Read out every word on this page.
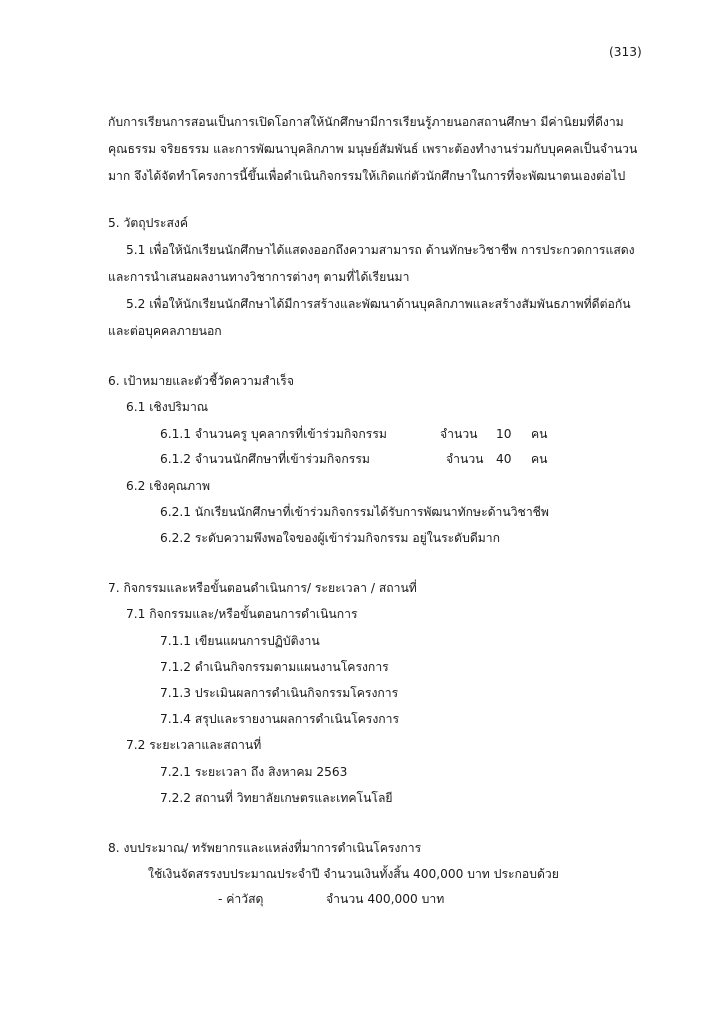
(313)
กับการเรียนการสอนเป็นการเปิดโอกาสให้นักศึกษามีการเรียนรู้ภายนอกสถานศึกษา มีค่านิยมที่ดีงาม
คุณธรรม จริยธรรม และการพัฒนาบุคลิกภาพ มนุษย์สัมพันธ์ เพราะต้องทำงานร่วมกับบุคคลเป็นจำนวน
มาก จึงได้จัดทำโครงการนี้ขึ้นเพื่อดำเนินกิจกรรมให้เกิดแก่ตัวนักศึกษาในการที่จะพัฒนาตนเองต่อไป
5. วัตถุประสงค์
5.1 เพื่อให้นักเรียนนักศึกษาได้แสดงออกถึงความสามารถ ด้านทักษะวิชาชีพ การประกวดการแสดง
และการนำเสนอผลงานทางวิชาการต่างๆ ตามที่ได้เรียนมา
5.2 เพื่อให้นักเรียนนักศึกษาได้มีการสร้างและพัฒนาด้านบุคลิกภาพและสร้างสัมพันธภาพที่ดีต่อกัน
และต่อบุคคลภายนอก
6. เป้าหมายและตัวชี้วัดความสำเร็จ
6.1 เชิงปริมาณ
6.1.1 จำนวนครู บุคลากรที่เข้าร่วมกิจกรรม	จำนวน 10 คน
6.1.2 จำนวนนักศึกษาที่เข้าร่วมกิจกรรม	จำนวน 40 คน
6.2 เชิงคุณภาพ
6.2.1 นักเรียนนักศึกษาที่เข้าร่วมกิจกรรมได้รับการพัฒนาทักษะด้านวิชาชีพ
6.2.2 ระดับความพึงพอใจของผู้เข้าร่วมกิจกรรม อยู่ในระดับดีมาก
7. กิจกรรมและหรือขั้นตอนดำเนินการ/ ระยะเวลา / สถานที่
7.1 กิจกรรมและ/หรือขั้นตอนการดำเนินการ
7.1.1 เขียนแผนการปฏิบัติงาน
7.1.2 ดำเนินกิจกรรมตามแผนงานโครงการ
7.1.3 ประเมินผลการดำเนินกิจกรรมโครงการ
7.1.4 สรุปและรายงานผลการดำเนินโครงการ
7.2 ระยะเวลาและสถานที่
7.2.1 ระยะเวลา ถึง สิงหาคม 2563
7.2.2 สถานที่ วิทยาลัยเกษตรและเทคโนโลยี
8. งบประมาณ/ ทรัพยากรและแหล่งที่มาการดำเนินโครงการ
ใช้เงินจัดสรรงบประมาณประจำปี จำนวนเงินทั้งสิ้น 400,000 บาท ประกอบด้วย
- ค่าวัสดุ	จำนวน 400,000 บาท
